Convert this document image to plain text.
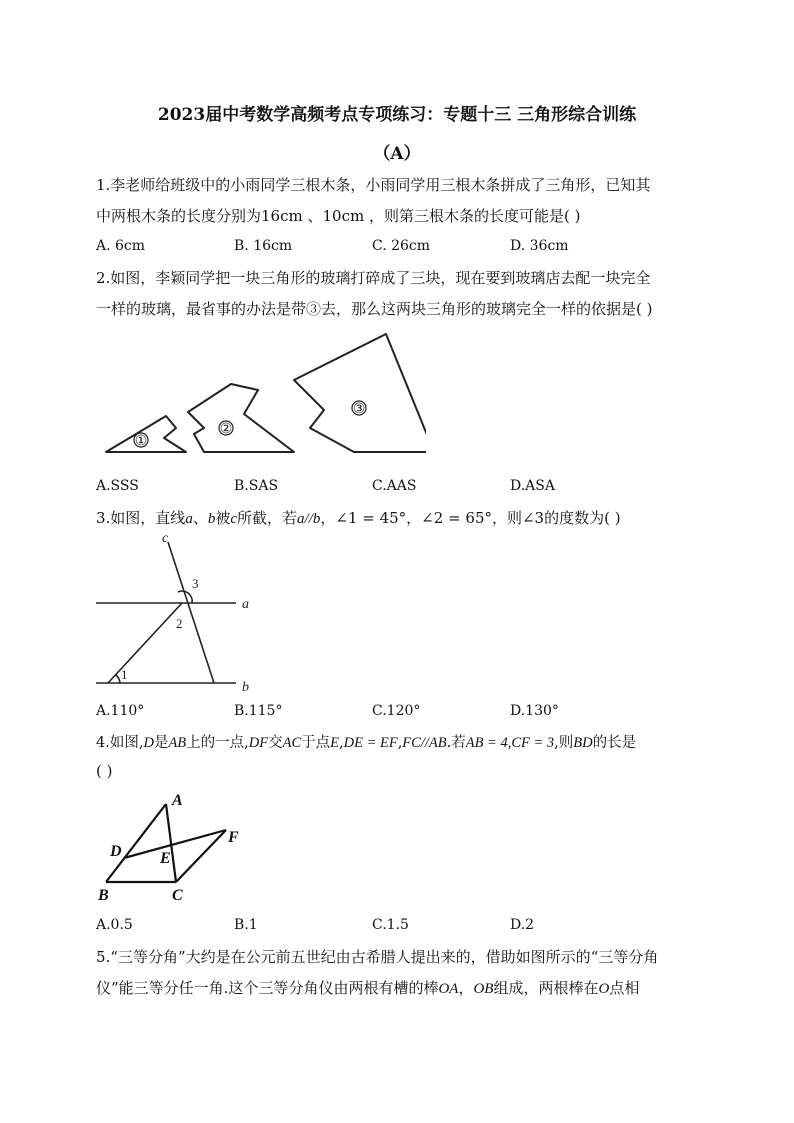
2023届中考数学高频考点专项练习：专题十三 三角形综合训练
（A）
1.李老师给班级中的小雨同学三根木条，小雨同学用三根木条拼成了三角形，已知其
中两根木条的长度分别为16cm 、10cm ，则第三根木条的长度可能是( )
A. 6cm	B. 16cm	C. 26cm	D. 36cm
2.如图，李颖同学把一块三角形的玻璃打碎成了三块，现在要到玻璃店去配一块完全
一样的玻璃，最省事的办法是带③去，那么这两块三角形的玻璃完全一样的依据是( )
①
②
③
A.SSS	B.SAS	C.AAS	D.ASA
3.如图，直线a、b被c所截，若a//b，∠1 = 45°，∠2 = 65°，则∠3的度数为( )
c
a
b
3
2
1
A.110°	B.115°	C.120°	D.130°
4.如图,D是AB上的一点,DF交AC于点E,DE = EF,FC//AB.若AB = 4,CF = 3,则BD的长是
( )
A
B	C
D E
F
A.0.5	B.1	C.1.5	D.2
5.“三等分角”大约是在公元前五世纪由古希腊人提出来的，借助如图所示的“三等分角
仪”能三等分任一角.这个三等分角仪由两根有槽的棒OA，OB组成，两根棒在O点相
